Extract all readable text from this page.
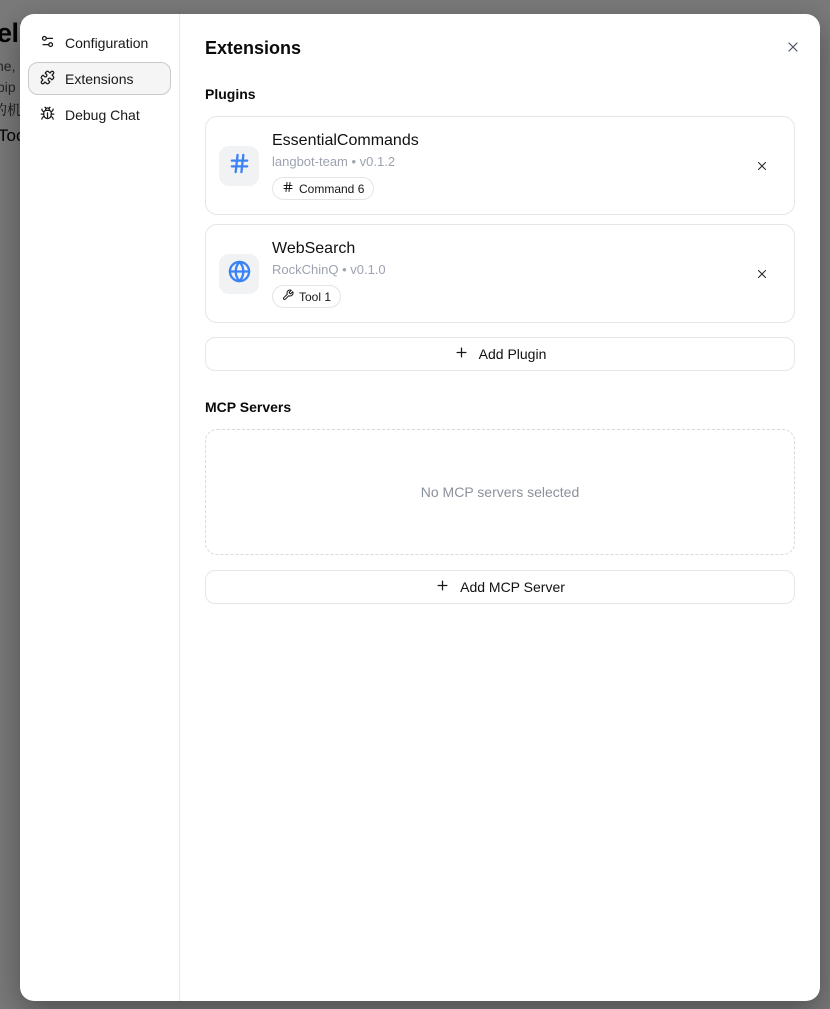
Configuration
Extensions
Debug Chat
Extensions
Plugins
EssentialCommands
langbot-team • v0.1.2
Command 6
WebSearch
RockChinQ • v0.1.0
Tool 1
Add Plugin
MCP Servers
No MCP servers selected
Add MCP Server
